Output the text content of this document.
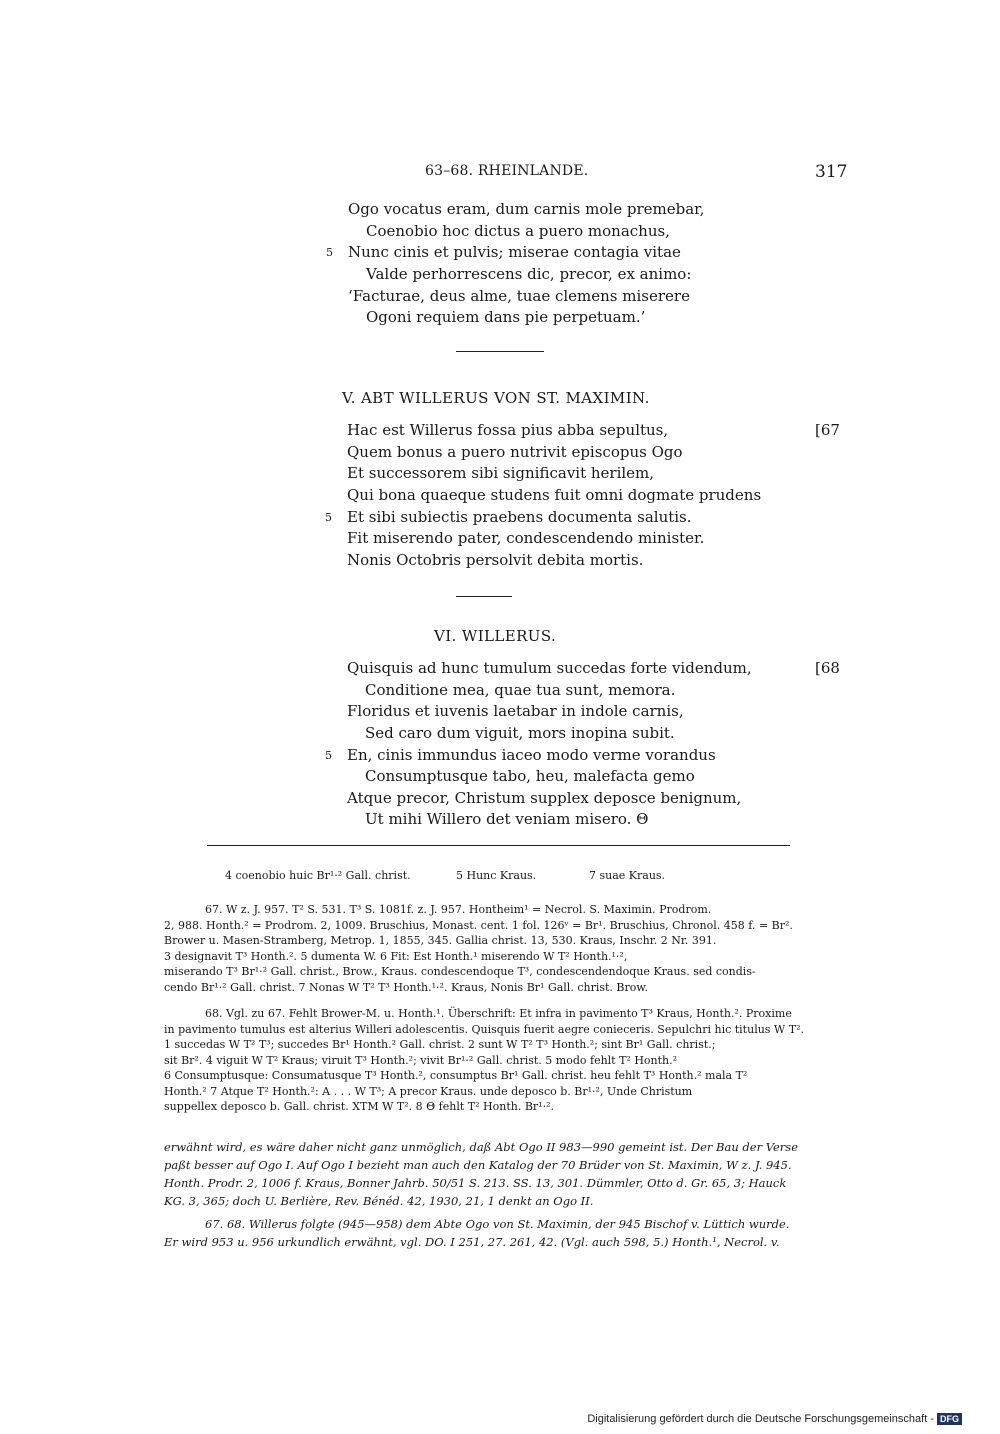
63–68. RHEINLANDE.	317
Ogo vocatus eram, dum carnis mole premebar,
Coenobio hoc dictus a puero monachus,
5 Nunc cinis et pulvis; miserae contagia vitae
Valde perhorrescens dic, precor, ex animo:
‘Facturae, deus alme, tuae clemens miserere
Ogoni requiem dans pie perpetuam.’
V. ABT WILLERUS VON ST. MAXIMIN.
[67
Hac est Willerus fossa pius abba sepultus,
Quem bonus a puero nutrivit episcopus Ogo
Et successorem sibi significavit herilem,
Qui bona quaeque studens fuit omni dogmate prudens
5 Et sibi subiectis praebens documenta salutis.
Fit miserendo pater, condescendendo minister.
Nonis Octobris persolvit debita mortis.
VI. WILLERUS.
[68
Quisquis ad hunc tumulum succedas forte videndum,
Conditione mea, quae tua sunt, memora.
Floridus et iuvenis laetabar in indole carnis,
Sed caro dum viguit, mors inopina subit.
5 En, cinis immundus iaceo modo verme vorandus
Consumptusque tabo, heu, malefacta gemo
Atque precor, Christum supplex deposce benignum,
Ut mihi Willero det veniam misero. Θ
4 coenobio huic Br¹·² Gall. christ.	5 Hunc Kraus.	7 suae Kraus.
67. W z. J. 957. T² S. 531. T³ S. 1081f. z. J. 957. Hontheim¹ = Necrol. S. Maximin. Prodrom.
2, 988. Honth.² = Prodrom. 2, 1009. Bruschius, Monast. cent. 1 fol. 126ᵛ = Br¹. Bruschius, Chronol. 458 f. = Br².
Brower u. Masen-Stramberg, Metrop. 1, 1855, 345. Gallia christ. 13, 530. Kraus, Inschr. 2 Nr. 391.
3 designavit T³ Honth.². 5 dumenta W. 6 Fit: Est Honth.¹ miserendo W T² Honth.¹·²,
miserando T³ Br¹·² Gall. christ., Brow., Kraus. condescendoque T³, condescendendoque Kraus. sed condis-
cendo Br¹·² Gall. christ. 7 Nonas W T² T³ Honth.¹·². Kraus, Nonis Br¹ Gall. christ. Brow.
68. Vgl. zu 67. Fehlt Brower-M. u. Honth.¹. Überschrift: Et infra in pavimento T³ Kraus, Honth.². Proxime
in pavimento tumulus est alterius Willeri adolescentis. Quisquis fuerit aegre conieceris. Sepulchri hic titulus W T².
1 succedas W T² T³; succedes Br¹ Honth.² Gall. christ. 2 sunt W T² T³ Honth.²; sint Br¹ Gall. christ.;
sit Br². 4 viguit W T² Kraus; viruit T³ Honth.²; vivit Br¹·² Gall. christ. 5 modo fehlt T² Honth.²
6 Consumptusque: Consumatusque T³ Honth.², consumptus Br¹ Gall. christ. heu fehlt T³ Honth.² mala T²
Honth.² 7 Atque T² Honth.²: A . . . W T³; A precor Kraus. unde deposco b. Br¹·², Unde Christum
suppellex deposco b. Gall. christ. XTM W T². 8 Θ fehlt T² Honth. Br¹·².
erwähnt wird, es wäre daher nicht ganz unmöglich, daß Abt Ogo II 983—990 gemeint ist. Der Bau der Verse
paßt besser auf Ogo I. Auf Ogo I bezieht man auch den Katalog der 70 Brüder von St. Maximin, W z. J. 945.
Honth. Prodr. 2, 1006 f. Kraus, Bonner Jahrb. 50/51 S. 213. SS. 13, 301. Dümmler, Otto d. Gr. 65, 3; Hauck
KG. 3, 365; doch U. Berlière, Rev. Bénéd. 42, 1930, 21, 1 denkt an Ogo II.
67. 68. Willerus folgte (945—958) dem Abte Ogo von St. Maximin, der 945 Bischof v. Lüttich wurde.
Er wird 953 u. 956 urkundlich erwähnt, vgl. DO. I 251, 27. 261, 42. (Vgl. auch 598, 5.) Honth.¹, Necrol. v.
Digitalisierung gefördert durch die Deutsche Forschungsgemeinschaft - DFG
